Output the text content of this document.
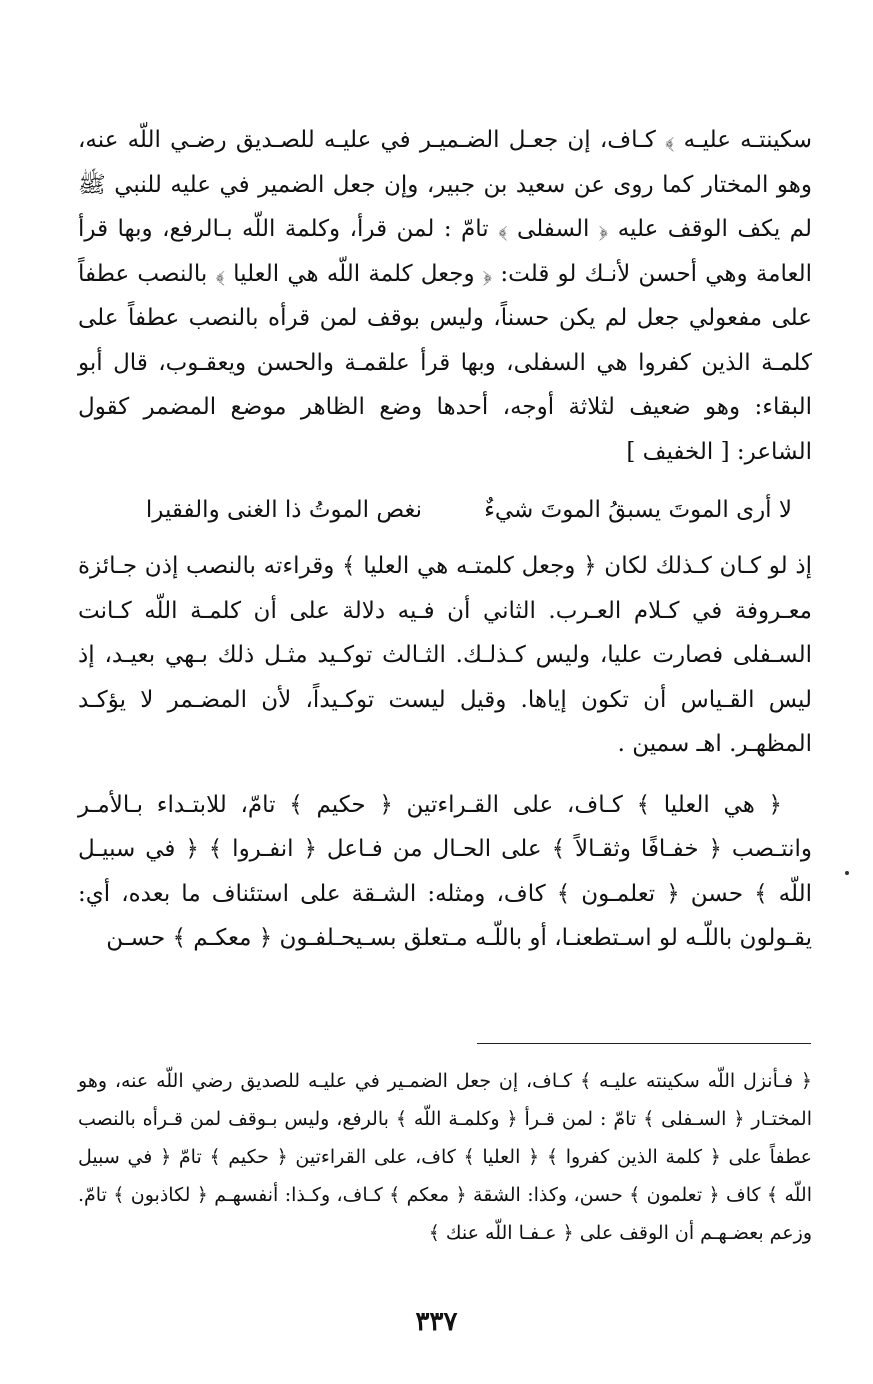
سكينتـه عليـه ﴾ كـاف، إن جعـل الضـميـر في عليـه للصـديق رضـي اللّه عنه، وهو المختار كما روى عن سعيد بن جبير، وإن جعل الضمير في عليه للنبي ﷺ لم يكف الوقف عليه ﴿ السفلى ﴾ تامّ : لمن قرأ، وكلمة اللّه بـالرفع، وبها قرأ العامة وهي أحسن لأنـك لو قلت: ﴿ وجعل كلمة اللّه هي العليا ﴾ بالنصب عطفاً على مفعولي جعل لم يكن حسناً، وليس بوقف لمن قرأه بالنصب عطفاً على كلمـة الذين كفروا هي السفلى، وبها قرأ علقمـة والحسن ويعقـوب، قال أبو البقاء: وهو ضعيف لثلاثة أوجه، أحدها وضع الظاهر موضع المضمر كقول الشاعر: [ الخفيف ]

لا أرى الموتَ يسبقُ الموتَ شيءٌ
نغص الموتُ ذا الغنى والفقيرا

إذ لو كـان كـذلك لكان ﴿ وجعل كلمتـه هي العليا ﴾ وقراءته بالنصب إذن جـائزة معـروفة في كـلام العـرب. الثاني أن فـيه دلالة على أن كلمـة اللّه كـانت السـفلى فصارت عليا، وليس كـذلـك. الثـالث توكـيد مثـل ذلك بـهي بعيـد، إذ ليس القـياس أن تكون إياها. وقيل ليست توكـيداً، لأن المضـمر لا يؤكـد المظهـر. اهـ سمين .

﴿ هي العليا ﴾ كـاف، على القـراءتين ﴿ حكيم ﴾ تامّ، للابتـداء بـالأمـر وانتـصب ﴿ خفـافًا وثقـالاً ﴾ على الحـال من فـاعل ﴿ انفـروا ﴾ ﴿ في سبيـل اللّه ﴾ حسن ﴿ تعلمـون ﴾ كاف، ومثله: الشـقة على استئناف ما بعده، أي: يقـولون باللّـه لو اسـتطعنـا، أو باللّـه مـتعلق بسـيحـلفـون ﴿ معكـم ﴾ حسـن

﴿ فـأنزل اللّه سكينته عليـه ﴾ كـاف، إن جعل الضمـير في عليـه للصديق رضي اللّه عنه، وهو المختـار ﴿ السـفلى ﴾ تامّ : لمن قـرأ ﴿ وكلمـة اللّه ﴾ بالرفع، وليس بـوقف لمن قـرأه بالنصب عطفاً على ﴿ كلمة الذين كفروا ﴾ ﴿ العليا ﴾ كاف، على القراءتين ﴿ حكيم ﴾ تامّ ﴿ في سبيل اللّه ﴾ كاف ﴿ تعلمون ﴾ حسن، وكذا: الشقة ﴿ معكم ﴾ كـاف، وكـذا: أنفسهـم ﴿ لكاذبون ﴾ تامّ. وزعم بعضـهـم أن الوقف على ﴿ عـفـا اللّه عنك ﴾

٣٣٧
